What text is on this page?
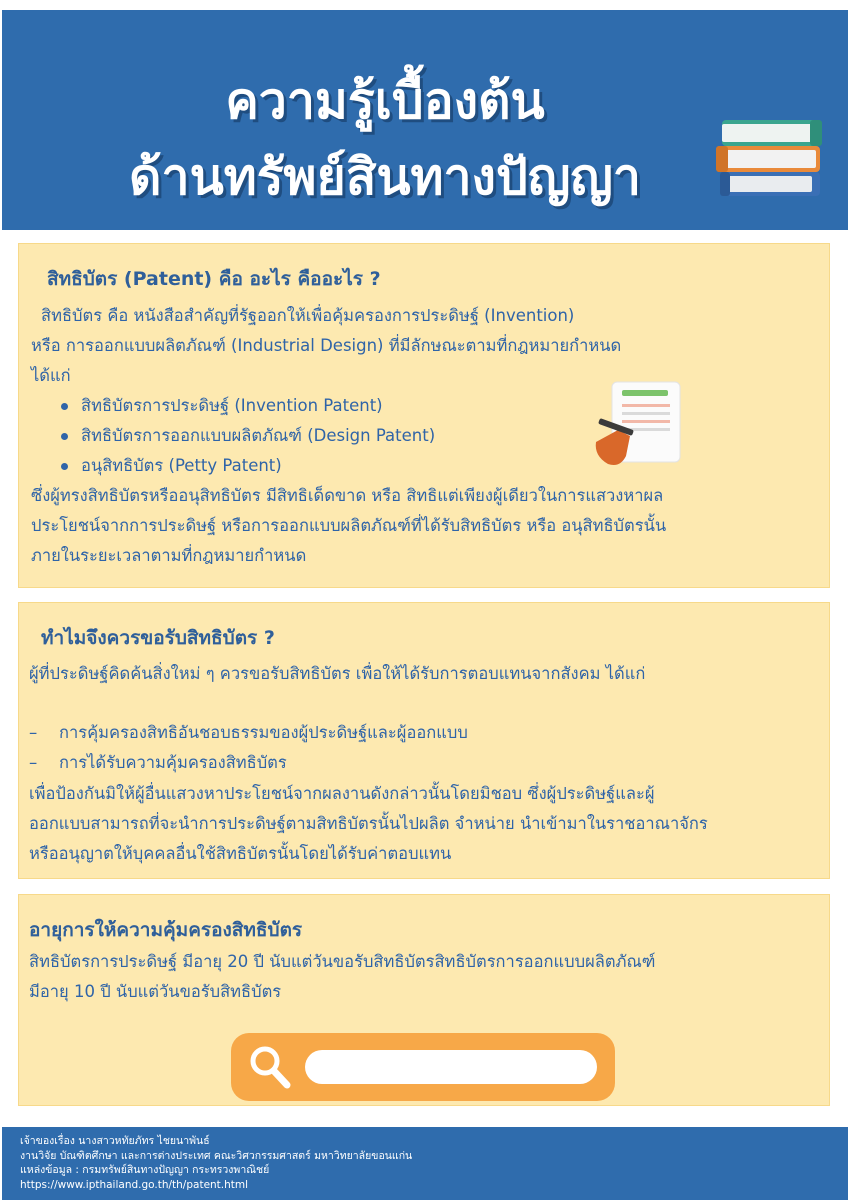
ความรู้เบื้องต้น
ด้านทรัพย์สินทางปัญญา
สิทธิบัตร (Patent) คือ อะไร คืออะไร ?
สิทธิบัตร คือ หนังสือสำคัญที่รัฐออกให้เพื่อคุ้มครองการประดิษฐ์ (Invention)
หรือ การออกแบบผลิตภัณฑ์ (Industrial Design) ที่มีลักษณะตามที่กฎหมายกำหนด
ได้แก่
สิทธิบัตรการประดิษฐ์ (Invention Patent)
สิทธิบัตรการออกแบบผลิตภัณฑ์ (Design Patent)
อนุสิทธิบัตร (Petty Patent)
ซึ่งผู้ทรงสิทธิบัตรหรืออนุสิทธิบัตร มีสิทธิเด็ดขาด หรือ สิทธิแต่เพียงผู้เดียวในการแสวงหาผล
ประโยชน์จากการประดิษฐ์ หรือการออกแบบผลิตภัณฑ์ที่ได้รับสิทธิบัตร หรือ อนุสิทธิบัตรนั้น
ภายในระยะเวลาตามที่กฎหมายกำหนด
ทำไมจึงควรขอรับสิทธิบัตร ?
ผู้ที่ประดิษฐ์คิดค้นสิ่งใหม่ ๆ ควรขอรับสิทธิบัตร เพื่อให้ได้รับการตอบแทนจากสังคม ได้แก่
– การคุ้มครองสิทธิอันชอบธรรมของผู้ประดิษฐ์และผู้ออกแบบ
– การได้รับความคุ้มครองสิทธิบัตร
เพื่อป้องกันมิให้ผู้อื่นแสวงหาประโยชน์จากผลงานดังกล่าวนั้นโดยมิชอบ ซึ่งผู้ประดิษฐ์และผู้
ออกแบบสามารถที่จะนำการประดิษฐ์ตามสิทธิบัตรนั้นไปผลิต จำหน่าย นำเข้ามาในราชอาณาจักร
หรืออนุญาตให้บุคคลอื่นใช้สิทธิบัตรนั้นโดยได้รับค่าตอบแทน
อายุการให้ความคุ้มครองสิทธิบัตร
สิทธิบัตรการประดิษฐ์ มีอายุ 20 ปี นับแต่วันขอรับสิทธิบัตรสิทธิบัตรการออกแบบผลิตภัณฑ์
มีอายุ 10 ปี นับแต่วันขอรับสิทธิบัตร
เจ้าของเรื่อง นางสาวหทัยภัทร ไชยนาพันธ์
งานวิจัย บัณฑิตศึกษา และการต่างประเทศ คณะวิศวกรรมศาสตร์ มหาวิทยาลัยขอนแก่น
แหล่งข้อมูล : กรมทรัพย์สินทางปัญญา กระทรวงพาณิชย์
https://www.ipthailand.go.th/th/patent.html
